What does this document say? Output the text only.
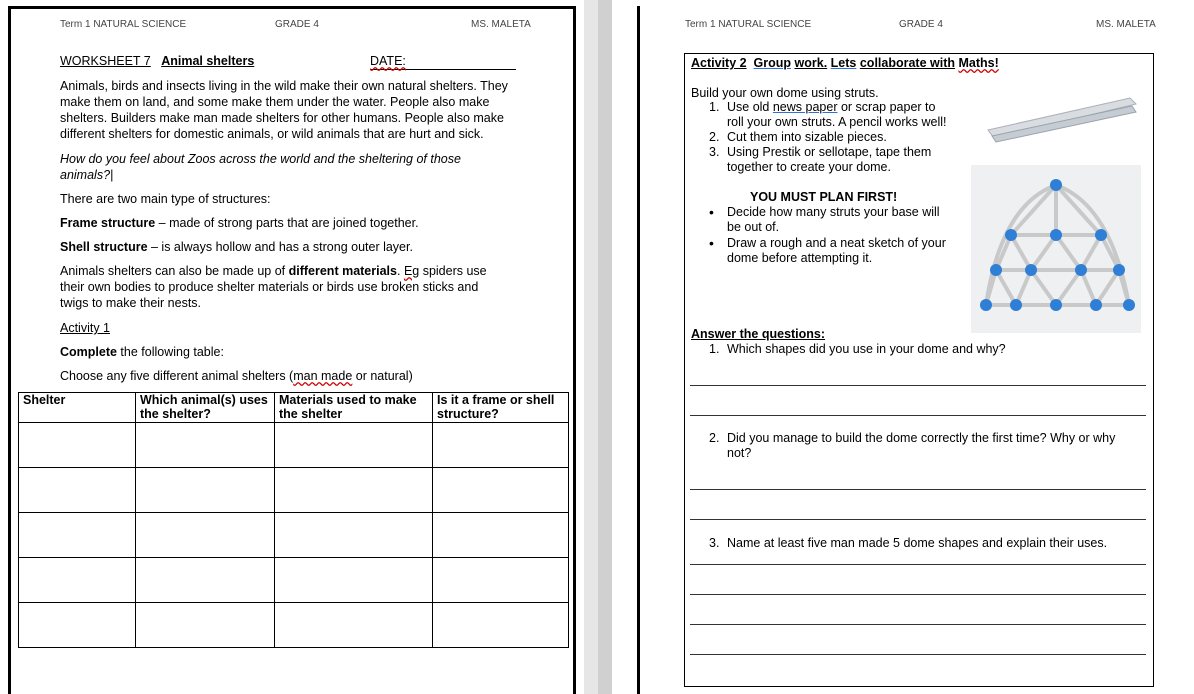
Term 1 NATURAL SCIENCE	GRADE 4	MS. MALETA
WORKSHEET 7 Animal shelters	DATE:
Animals, birds and insects living in the wild make their own natural shelters. They
make them on land, and some make them under the water. People also make
shelters. Builders make man made shelters for other humans. People also make
different shelters for domestic animals, or wild animals that are hurt and sick.
How do you feel about Zoos across the world and the sheltering of those
animals?|
There are two main type of structures:
Frame structure – made of strong parts that are joined together.
Shell structure – is always hollow and has a strong outer layer.
Animals shelters can also be made up of different materials. Eg spiders use
their own bodies to produce shelter materials or birds use broken sticks and
twigs to make their nests.
Activity 1
Complete the following table:
Choose any five different animal shelters (man made or natural)
Shelter	Which animal(s) uses the shelter?	Materials used to make the shelter	Is it a frame or shell structure?

Term 1 NATURAL SCIENCE	GRADE 4	MS. MALETA
Activity 2 Group work. Lets collaborate with Maths!
Build your own dome using struts.
1. Use old news paper or scrap paper to
roll your own struts. A pencil works well!
2. Cut them into sizable pieces.
3. Using Prestik or sellotape, tape them
together to create your dome.
YOU MUST PLAN FIRST!
• Decide how many struts your base will
be out of.
• Draw a rough and a neat sketch of your
dome before attempting it.
Answer the questions:
1. Which shapes did you use in your dome and why?
2. Did you manage to build the dome correctly the first time? Why or why
not?
3. Name at least five man made 5 dome shapes and explain their uses.
